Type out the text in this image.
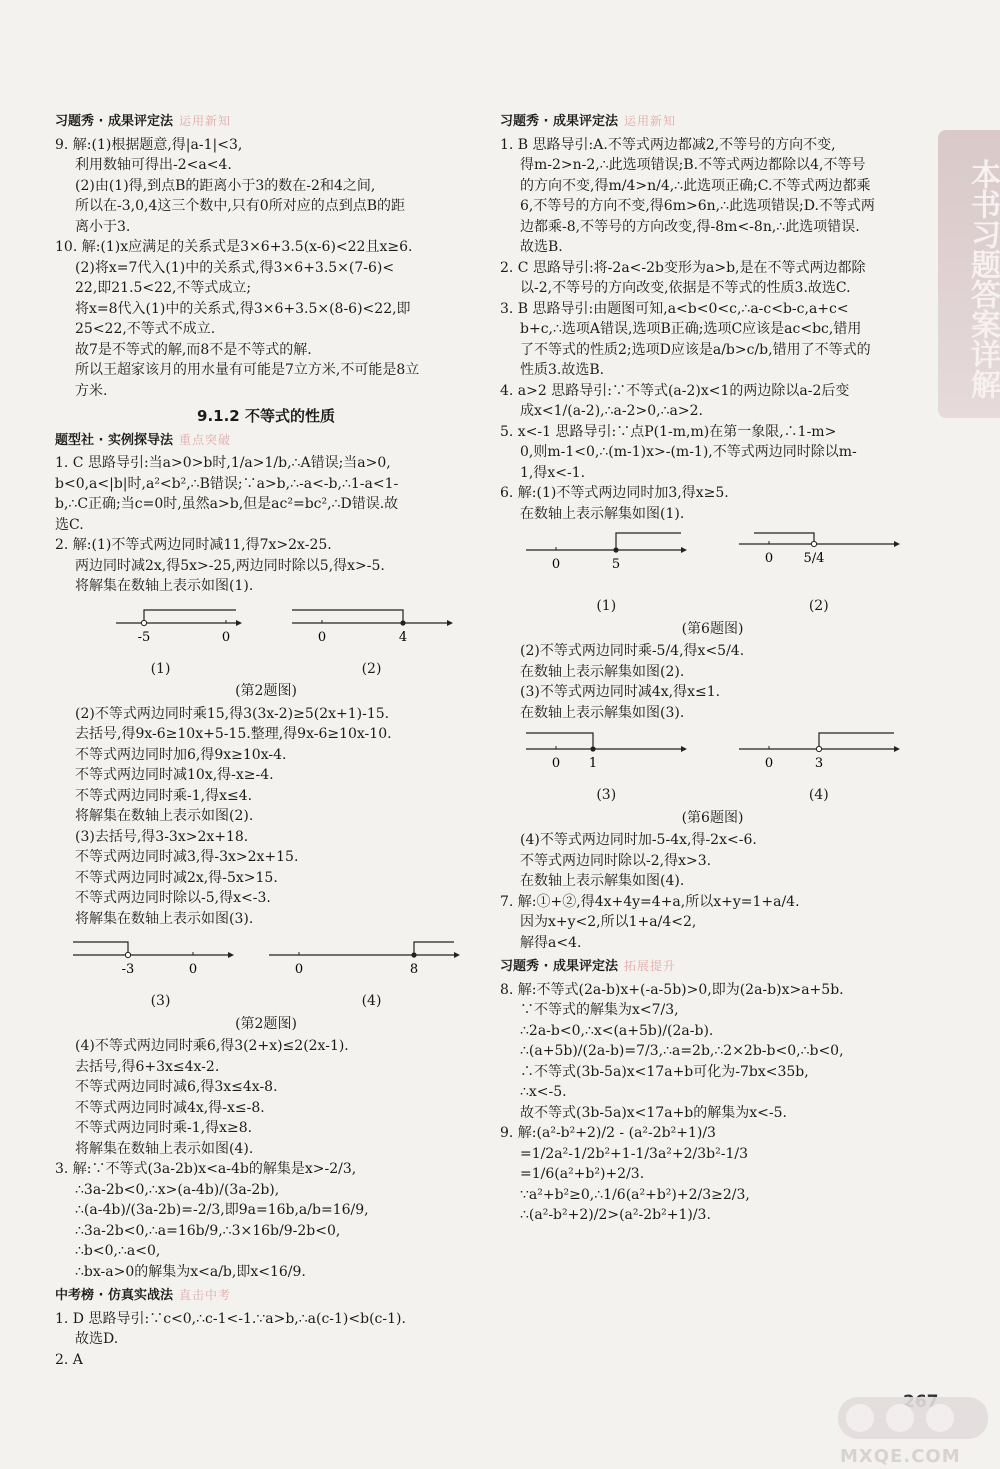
本书习题答案详解
习题秀 · 成果评定法 运用新知
9. 解:(1)根据题意,得|a-1|<3,
利用数轴可得出-2<a<4.
(2)由(1)得,到点B的距离小于3的数在-2和4之间,
所以在-3,0,4这三个数中,只有0所对应的点到点B的距
离小于3.
10. 解:(1)x应满足的关系式是3×6+3.5(x-6)<22且x≥6.
(2)将x=7代入(1)中的关系式,得3×6+3.5×(7-6)<
22,即21.5<22,不等式成立;
将x=8代入(1)中的关系式,得3×6+3.5×(8-6)<22,即
25<22,不等式不成立.
故7是不等式的解,而8不是不等式的解.
所以王超家该月的用水量有可能是7立方米,不可能是8立
方米.
9.1.2 不等式的性质
题型社 · 实例探导法 重点突破
1. C 思路导引:当a>0>b时,1/a>1/b,∴A错误;当a>0,
b<0,a<|b|时,a²<b²,∴B错误;∵a>b,∴-a<-b,∴1-a<1-
b,∴C正确;当c=0时,虽然a>b,但是ac²=bc²,∴D错误.故
选C.
2. 解:(1)不等式两边同时减11,得7x>2x-25.
两边同时减2x,得5x>-25,两边同时除以5,得x>-5.
将解集在数轴上表示如图(1).
-5	0	0	4
(1)	(2)
(第2题图)
(2)不等式两边同时乘15,得3(3x-2)≥5(2x+1)-15.
去括号,得9x-6≥10x+5-15.整理,得9x-6≥10x-10.
不等式两边同时加6,得9x≥10x-4.
不等式两边同时减10x,得-x≥-4.
不等式两边同时乘-1,得x≤4.
将解集在数轴上表示如图(2).
(3)去括号,得3-3x>2x+18.
不等式两边同时减3,得-3x>2x+15.
不等式两边同时减2x,得-5x>15.
不等式两边同时除以-5,得x<-3.
将解集在数轴上表示如图(3).
-3	0	0	8
(3)	(4)
(第2题图)
(4)不等式两边同时乘6,得3(2+x)≤2(2x-1).
去括号,得6+3x≤4x-2.
不等式两边同时减6,得3x≤4x-8.
不等式两边同时减4x,得-x≤-8.
不等式两边同时乘-1,得x≥8.
将解集在数轴上表示如图(4).
3. 解:∵不等式(3a-2b)x<a-4b的解集是x>-2/3,
∴3a-2b<0,∴x>(a-4b)/(3a-2b),
∴(a-4b)/(3a-2b)=-2/3,即9a=16b,a/b=16/9,
∴3a-2b<0,∴a=16b/9,∴3×16b/9-2b<0,
∴b<0,∴a<0,
∴bx-a>0的解集为x<a/b,即x<16/9.
中考榜 · 仿真实战法 直击中考
1. D 思路导引:∵c<0,∴c-1<-1.∵a>b,∴a(c-1)<b(c-1).
故选D.
2. A
习题秀 · 成果评定法 运用新知
1. B 思路导引:A.不等式两边都减2,不等号的方向不变,
得m-2>n-2,∴此选项错误;B.不等式两边都除以4,不等号
的方向不变,得m/4>n/4,∴此选项正确;C.不等式两边都乘
6,不等号的方向不变,得6m>6n,∴此选项错误;D.不等式两
边都乘-8,不等号的方向改变,得-8m<-8n,∴此选项错误.
故选B.
2. C 思路导引:将-2a<-2b变形为a>b,是在不等式两边都除
以-2,不等号的方向改变,依据是不等式的性质3.故选C.
3. B 思路导引:由题图可知,a<b<0<c,∴a-c<b-c,a+c<
b+c,∴选项A错误,选项B正确;选项C应该是ac<bc,错用
了不等式的性质2;选项D应该是a/b>c/b,错用了不等式的
性质3.故选B.
4. a>2 思路导引:∵不等式(a-2)x<1的两边除以a-2后变
成x<1/(a-2),∴a-2>0,∴a>2.
5. x<-1 思路导引:∵点P(1-m,m)在第一象限,∴1-m>
0,则m-1<0,∴(m-1)x>-(m-1),不等式两边同时除以m-
1,得x<-1.
6. 解:(1)不等式两边同时加3,得x≥5.
在数轴上表示解集如图(1).
0	5	0 5/4
(1)	(2)
(第6题图)
(2)不等式两边同时乘-5/4,得x<5/4.
在数轴上表示解集如图(2).
(3)不等式两边同时减4x,得x≤1.
在数轴上表示解集如图(3).
0 1	0	3
(3)	(4)
(第6题图)
(4)不等式两边同时加-5-4x,得-2x<-6.
不等式两边同时除以-2,得x>3.
在数轴上表示解集如图(4).
7. 解:①+②,得4x+4y=4+a,所以x+y=1+a/4.
因为x+y<2,所以1+a/4<2,
解得a<4.
习题秀 · 成果评定法 拓展提升
8. 解:不等式(2a-b)x+(-a-5b)>0,即为(2a-b)x>a+5b.
∵不等式的解集为x<7/3,
∴2a-b<0,∴x<(a+5b)/(2a-b).
∴(a+5b)/(2a-b)=7/3,∴a=2b,∴2×2b-b<0,∴b<0,
∴不等式(3b-5a)x<17a+b可化为-7bx<35b,
∴x<-5.
故不等式(3b-5a)x<17a+b的解集为x<-5.
9. 解:(a²-b²+2)/2 - (a²-2b²+1)/3
=1/2a²-1/2b²+1-1/3a²+2/3b²-1/3
=1/6(a²+b²)+2/3.
∵a²+b²≥0,∴1/6(a²+b²)+2/3≥2/3,
∴(a²-b²+2)/2>(a²-2b²+1)/3.
MXQE.COM
